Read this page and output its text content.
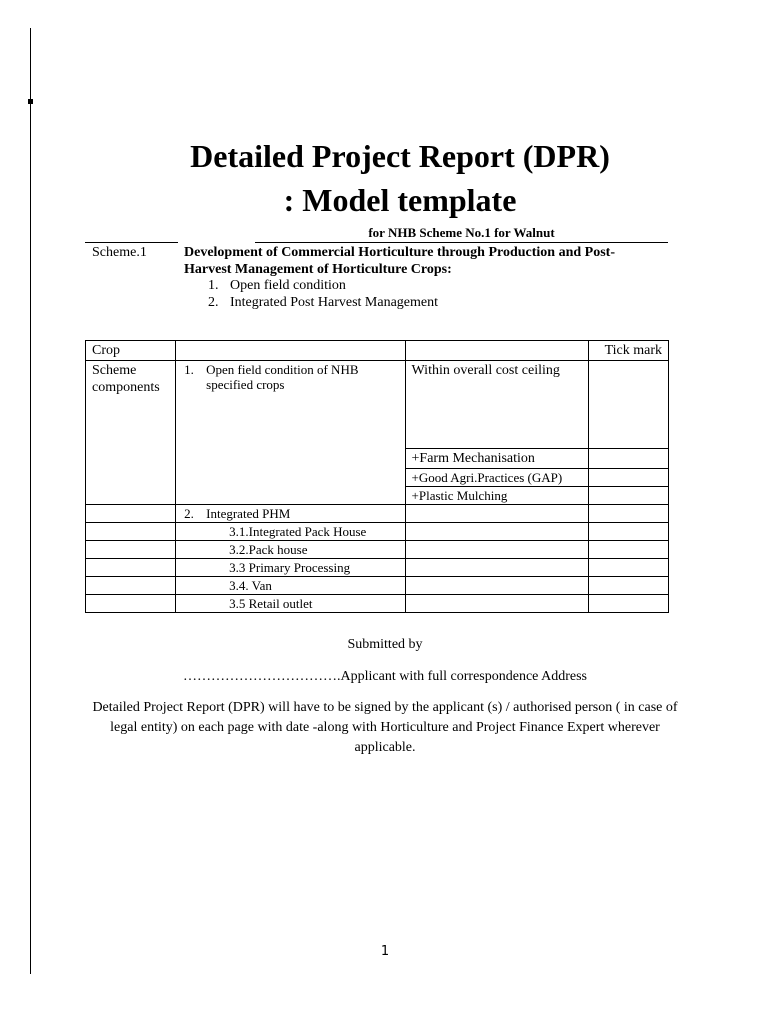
Detailed Project Report (DPR)
: Model template
for NHB Scheme No.1 for Walnut
Scheme.1	Development of Commercial Horticulture through Production and Post-Harvest Management of Horticulture Crops:
1. Open field condition
2. Integrated Post Harvest Management
Crop			Tick mark
Scheme components	1. Open field condition of NHB specified crops	Within overall cost ceiling	
		+Farm Mechanisation	
		+Good Agri.Practices (GAP)	
		+Plastic Mulching	

	2. Integrated PHM		

	3.1.Integrated Pack House		
	3.2.Pack house		
	3.3 Primary Processing		
	3.4. Van		
	3.5 Retail outlet		
Submitted by
…………………………….Applicant with full correspondence Address
Detailed Project Report (DPR) will have to be signed by the applicant (s) / authorised person ( in case of legal entity) on each page with date -along with Horticulture and Project Finance Expert wherever applicable.
1
